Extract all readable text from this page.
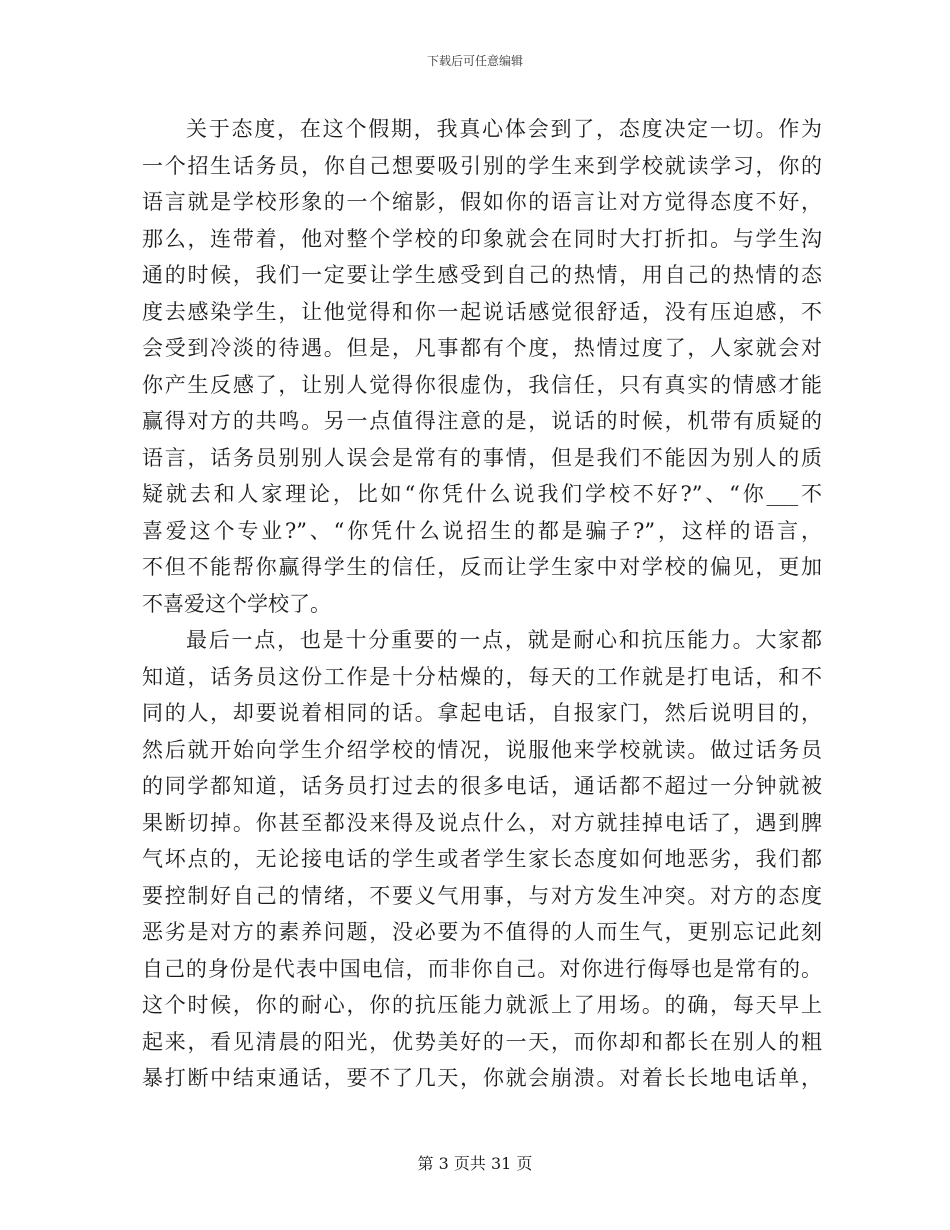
下载后可任意编辑
关于态度，在这个假期，我真心体会到了，态度决定一切。作为
一个招生话务员，你自己想要吸引别的学生来到学校就读学习，你的
语言就是学校形象的一个缩影，假如你的语言让对方觉得态度不好，
那么，连带着，他对整个学校的印象就会在同时大打折扣。与学生沟
通的时候，我们一定要让学生感受到自己的热情，用自己的热情的态
度去感染学生，让他觉得和你一起说话感觉很舒适，没有压迫感，不
会受到冷淡的待遇。但是，凡事都有个度，热情过度了，人家就会对
你产生反感了，让别人觉得你很虚伪，我信任，只有真实的情感才能
赢得对方的共鸣。另一点值得注意的是，说话的时候，机带有质疑的
语言，话务员别别人误会是常有的事情，但是我们不能因为别人的质
疑就去和人家理论，比如“你凭什么说我们学校不好?”、“你___不
喜爱这个专业?”、“你凭什么说招生的都是骗子?”，这样的语言，
不但不能帮你赢得学生的信任，反而让学生家中对学校的偏见，更加
不喜爱这个学校了。
最后一点，也是十分重要的一点，就是耐心和抗压能力。大家都
知道，话务员这份工作是十分枯燥的，每天的工作就是打电话，和不
同的人，却要说着相同的话。拿起电话，自报家门，然后说明目的，
然后就开始向学生介绍学校的情况，说服他来学校就读。做过话务员
的同学都知道，话务员打过去的很多电话，通话都不超过一分钟就被
果断切掉。你甚至都没来得及说点什么，对方就挂掉电话了，遇到脾
气坏点的，无论接电话的学生或者学生家长态度如何地恶劣，我们都
要控制好自己的情绪，不要义气用事，与对方发生冲突。对方的态度
恶劣是对方的素养问题，没必要为不值得的人而生气，更别忘记此刻
自己的身份是代表中国电信，而非你自己。对你进行侮辱也是常有的。
这个时候，你的耐心，你的抗压能力就派上了用场。的确，每天早上
起来，看见清晨的阳光，优势美好的一天，而你却和都长在别人的粗
暴打断中结束通话，要不了几天，你就会崩溃。对着长长地电话单，
第 3 页共 31 页
